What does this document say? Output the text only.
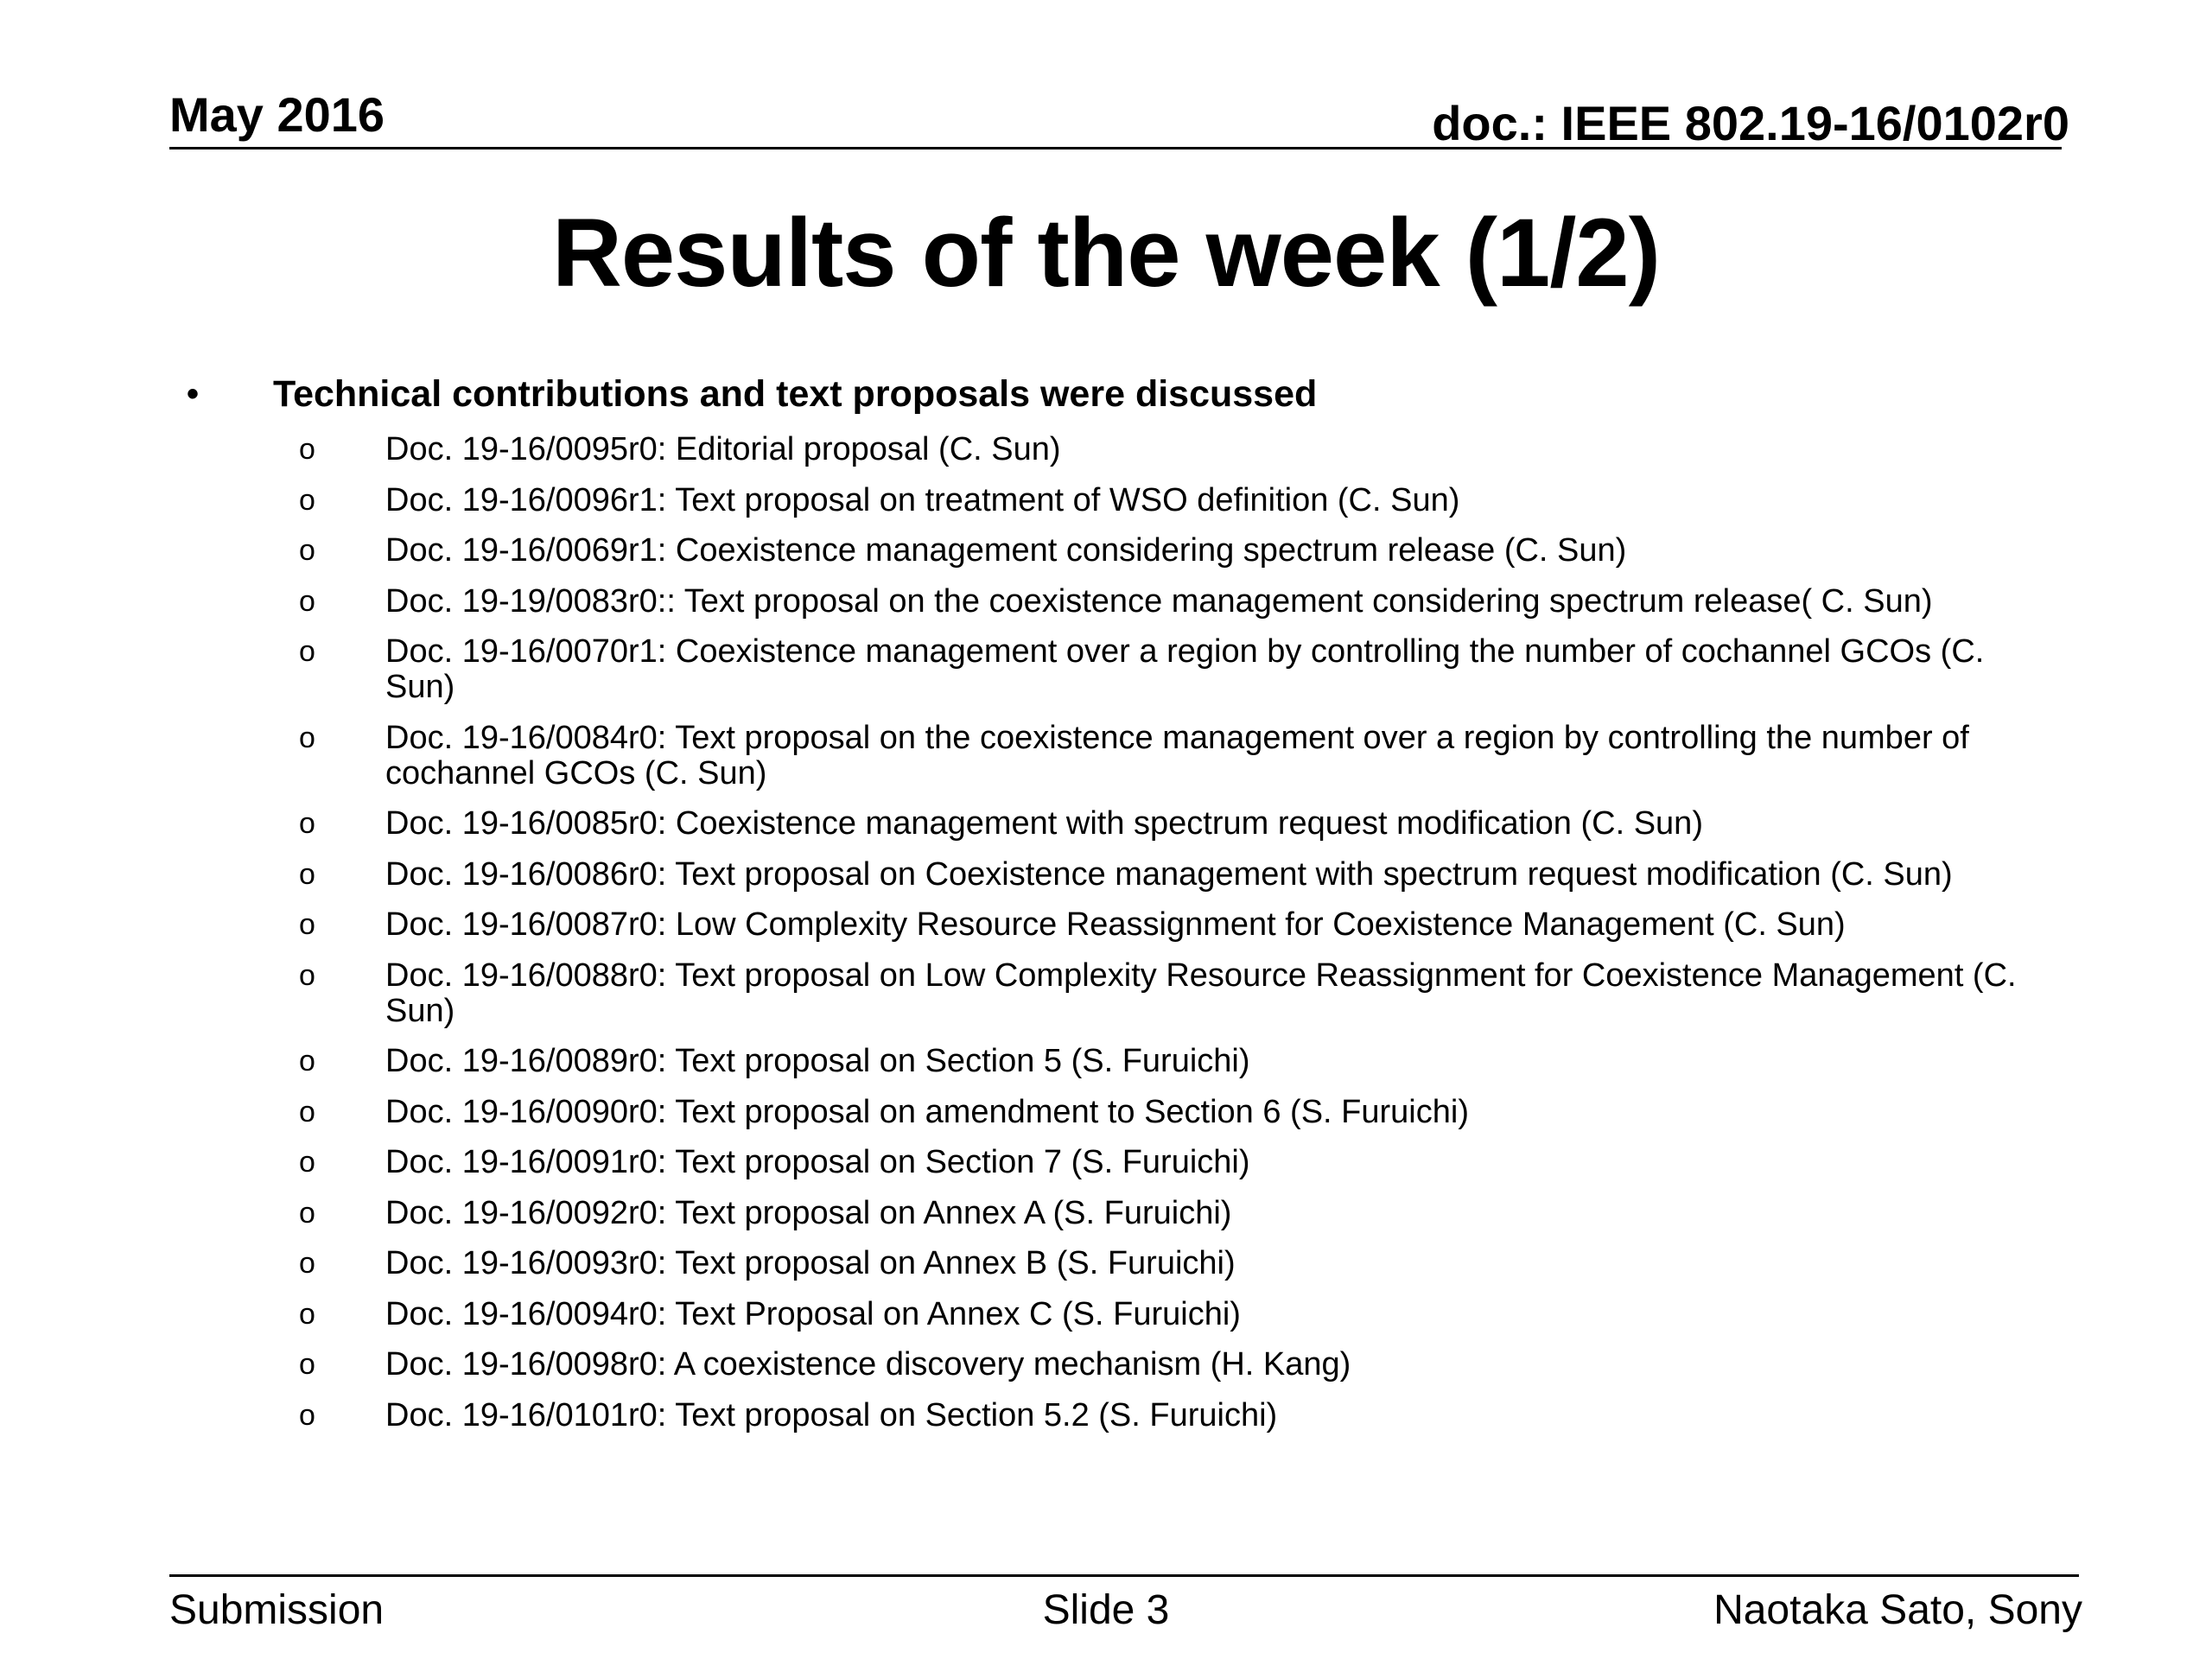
May 2016	doc.: IEEE 802.19-16/0102r0
Results of the week (1/2)
• Technical contributions and text proposals were discussed
o Doc. 19-16/0095r0: Editorial proposal (C. Sun)
o Doc. 19-16/0096r1: Text proposal on treatment of WSO definition (C. Sun)
o Doc. 19-16/0069r1: Coexistence management considering spectrum release (C. Sun)
o Doc. 19-19/0083r0:: Text proposal on the coexistence management considering spectrum release( C. Sun)
o Doc. 19-16/0070r1: Coexistence management over a region by controlling the number of cochannel GCOs (C. Sun)
o Doc. 19-16/0084r0: Text proposal on the coexistence management over a region by controlling the number of cochannel GCOs (C. Sun)
o Doc. 19-16/0085r0: Coexistence management with spectrum request modification (C. Sun)
o Doc. 19-16/0086r0: Text proposal on Coexistence management with spectrum request modification (C. Sun)
o Doc. 19-16/0087r0: Low Complexity Resource Reassignment for Coexistence Management (C. Sun)
o Doc. 19-16/0088r0: Text proposal on Low Complexity Resource Reassignment for Coexistence Management (C. Sun)
o Doc. 19-16/0089r0: Text proposal on Section 5 (S. Furuichi)
o Doc. 19-16/0090r0: Text proposal on amendment to Section 6 (S. Furuichi)
o Doc. 19-16/0091r0: Text proposal on Section 7 (S. Furuichi)
o Doc. 19-16/0092r0: Text proposal on Annex A (S. Furuichi)
o Doc. 19-16/0093r0: Text proposal on Annex B (S. Furuichi)
o Doc. 19-16/0094r0: Text Proposal on Annex C (S. Furuichi)
o Doc. 19-16/0098r0: A coexistence discovery mechanism (H. Kang)
o Doc. 19-16/0101r0: Text proposal on Section 5.2 (S. Furuichi)
Submission	Slide 3	Naotaka Sato, Sony
